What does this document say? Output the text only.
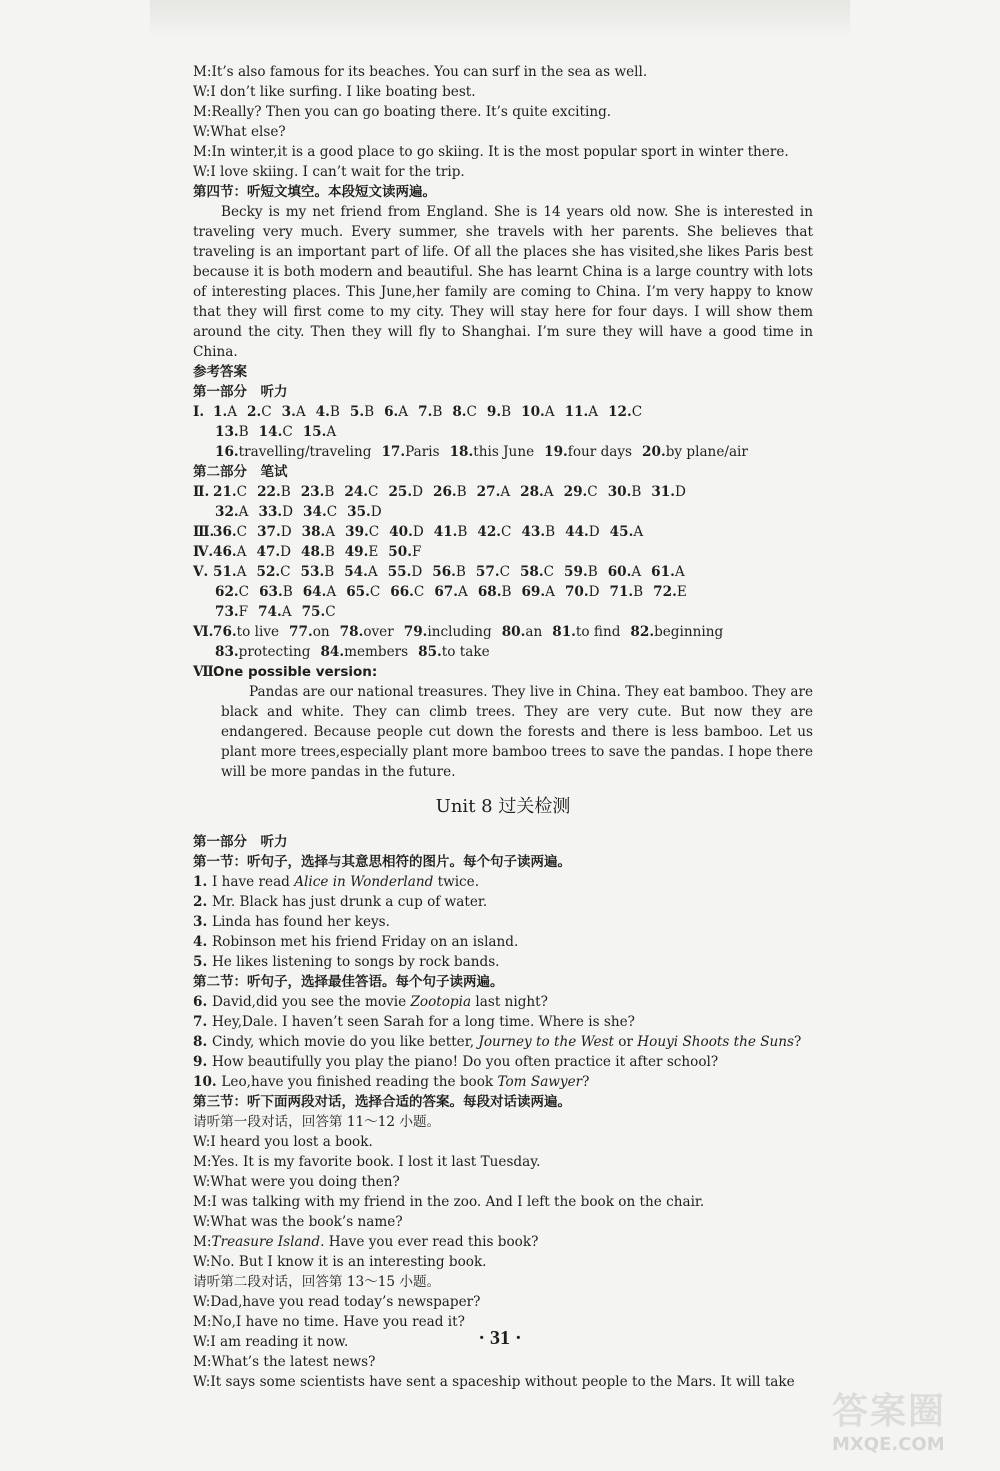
M:It’s also famous for its beaches. You can surf in the sea as well.
W:I don’t like surfing. I like boating best.
M:Really? Then you can go boating there. It’s quite exciting.
W:What else?
M:In winter,it is a good place to go skiing. It is the most popular sport in winter there.
W:I love skiing. I can’t wait for the trip.
第四节：听短文填空。本段短文读两遍。

Becky is my net friend from England. She is 14 years old now. She is interested in traveling very much. Every summer, she travels with her parents. She believes that traveling is an important part of life. Of all the places she has visited,she likes Paris best because it is both modern and beautiful. She has learnt China is a large country with lots of interesting places. This June,her family are coming to China. I’m very happy to know that they will first come to my city. They will stay here for four days. I will show them around the city. Then they will fly to Shanghai. I’m sure they will have a good time in China.

参考答案
第一部分　听力
Ⅰ. 1.A 2.C 3.A 4.B 5.B 6.A 7.B 8.C 9.B 10.A 11.A 12.C
13.B 14.C 15.A
16.travelling/traveling 17.Paris 18.this June 19.four days 20.by plane/air
第二部分　笔试
Ⅱ. 21.C 22.B 23.B 24.C 25.D 26.B 27.A 28.A 29.C 30.B 31.D
32.A 33.D 34.C 35.D
Ⅲ.36.C 37.D 38.A 39.C 40.D 41.B 42.C 43.B 44.D 45.A
Ⅳ.46.A 47.D 48.B 49.E 50.F
Ⅴ. 51.A 52.C 53.B 54.A 55.D 56.B 57.C 58.C 59.B 60.A 61.A
62.C 63.B 64.A 65.C 66.C 67.A 68.B 69.A 70.D 71.B 72.E
73.F 74.A 75.C
Ⅵ.76.to live 77.on 78.over 79.including 80.an 81.to find 82.beginning
83.protecting 84.members 85.to take
Ⅶ.One possible version:

Pandas are our national treasures. They live in China. They eat bamboo. They are black and white. They can climb trees. They are very cute. But now they are endangered. Because people cut down the forests and there is less bamboo. Let us plant more trees,especially plant more bamboo trees to save the pandas. I hope there will be more pandas in the future.

Unit 8 过关检测
第一部分　听力
第一节：听句子，选择与其意思相符的图片。每个句子读两遍。
1. I have read Alice in Wonderland twice.
2. Mr. Black has just drunk a cup of water.
3. Linda has found her keys.
4. Robinson met his friend Friday on an island.
5. He likes listening to songs by rock bands.
第二节：听句子，选择最佳答语。每个句子读两遍。
6. David,did you see the movie Zootopia last night?
7. Hey,Dale. I haven’t seen Sarah for a long time. Where is she?
8. Cindy, which movie do you like better, Journey to the West or Houyi Shoots the Suns?
9. How beautifully you play the piano! Do you often practice it after school?
10. Leo,have you finished reading the book Tom Sawyer?
第三节：听下面两段对话，选择合适的答案。每段对话读两遍。
请听第一段对话，回答第 11～12 小题。
W:I heard you lost a book.
M:Yes. It is my favorite book. I lost it last Tuesday.
W:What were you doing then?
M:I was talking with my friend in the zoo. And I left the book on the chair.
W:What was the book’s name?
M:Treasure Island. Have you ever read this book?
W:No. But I know it is an interesting book.
请听第二段对话，回答第 13～15 小题。
W:Dad,have you read today’s newspaper?
M:No,I have no time. Have you read it?
W:I am reading it now.
M:What’s the latest news?
W:It says some scientists have sent a spaceship without people to the Mars. It will take
· 31 ·
答案圈
MXQE.COM
